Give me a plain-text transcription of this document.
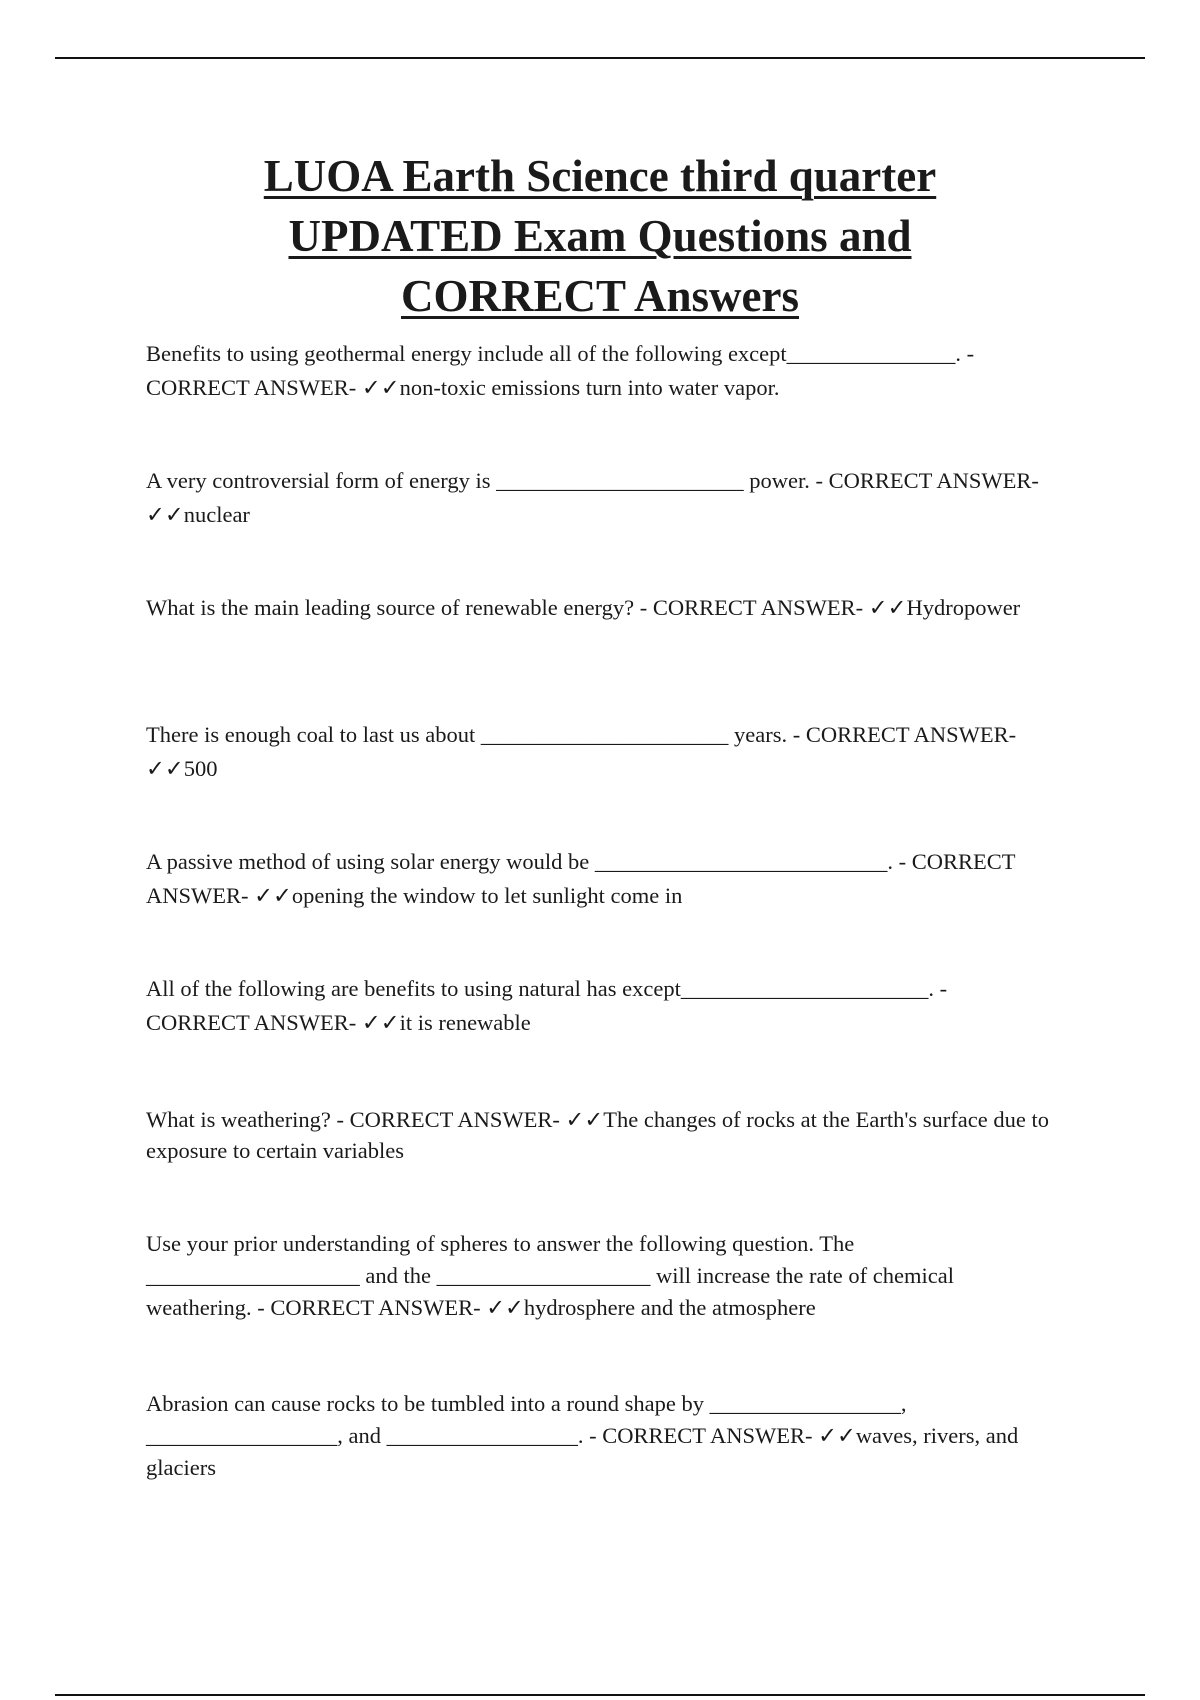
LUOA Earth Science third quarter
UPDATED Exam Questions and
CORRECT Answers

Benefits to using geothermal energy include all of the following except_______________. - CORRECT ANSWER- ✓✓non-toxic emissions turn into water vapor.

A very controversial form of energy is ______________________ power. - CORRECT ANSWER- ✓✓nuclear

What is the main leading source of renewable energy? - CORRECT ANSWER- ✓✓Hydropower

There is enough coal to last us about ______________________ years. - CORRECT ANSWER- ✓✓500

A passive method of using solar energy would be __________________________. - CORRECT ANSWER- ✓✓opening the window to let sunlight come in

All of the following are benefits to using natural has except______________________. - CORRECT ANSWER- ✓✓it is renewable

What is weathering? - CORRECT ANSWER- ✓✓The changes of rocks at the Earth's surface due to exposure to certain variables

Use your prior understanding of spheres to answer the following question. The ___________________ and the ___________________ will increase the rate of chemical weathering. - CORRECT ANSWER- ✓✓hydrosphere and the atmosphere

Abrasion can cause rocks to be tumbled into a round shape by _________________, _________________, and _________________. - CORRECT ANSWER- ✓✓waves, rivers, and glaciers
